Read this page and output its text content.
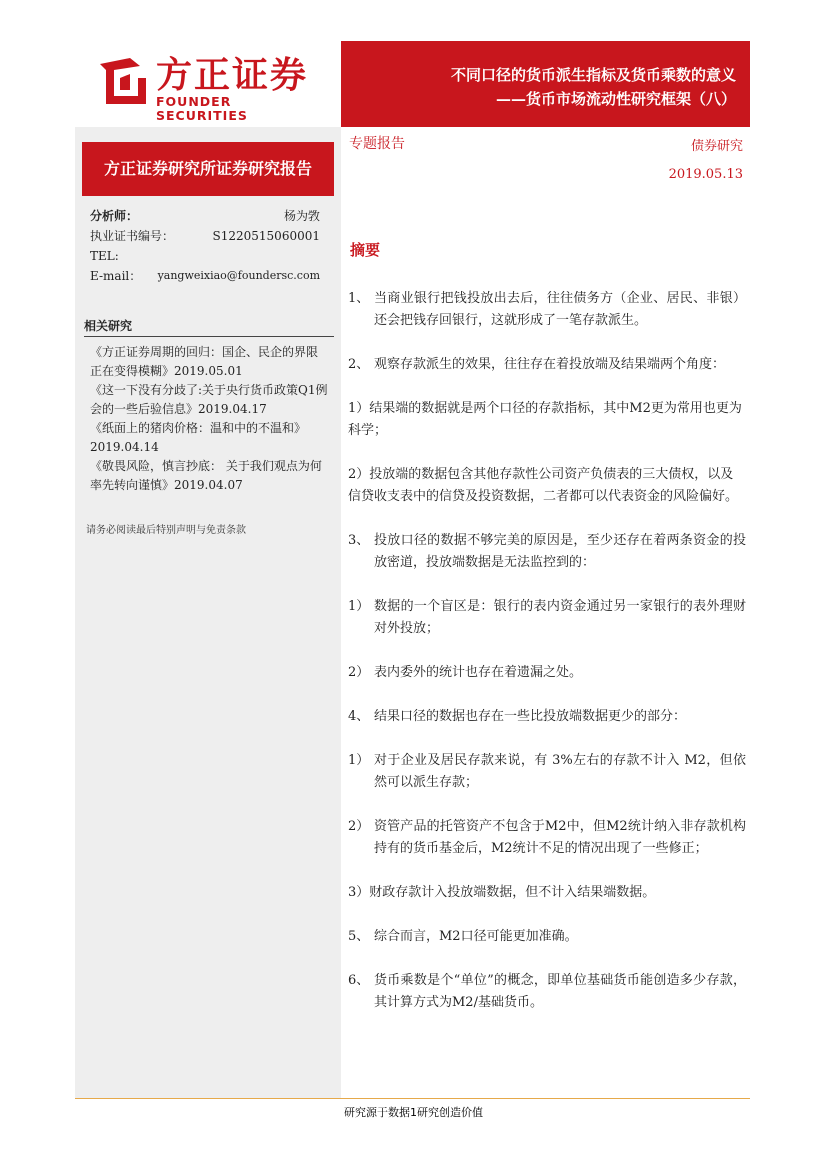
方正证券
FOUNDER SECURITIES
不同口径的货币派生指标及货币乘数的意义
——货币市场流动性研究框架（八）
方正证券研究所证券研究报告
分析师：	杨为敩
执业证书编号：	S1220515060001
TEL:
E-mail： yangweixiao@foundersc.com
相关研究
《方正证券周期的回归：国企、民企的界限正在变得模糊》2019.05.01
《这一下没有分歧了:关于央行货币政策Q1例会的一些后验信息》2019.04.17
《纸面上的猪肉价格：温和中的不温和》2019.04.14
《敬畏风险，慎言抄底： 关于我们观点为何率先转向谨慎》2019.04.07
请务必阅读最后特别声明与免责条款
专题报告	债券研究
2019.05.13
摘要
1、 当商业银行把钱投放出去后，往往债务方（企业、居民、非银）还会把钱存回银行，这就形成了一笔存款派生。
2、 观察存款派生的效果，往往存在着投放端及结果端两个角度：
1）结果端的数据就是两个口径的存款指标，其中M2更为常用也更为科学；
2）投放端的数据包含其他存款性公司资产负债表的三大债权，以及信贷收支表中的信贷及投资数据，二者都可以代表资金的风险偏好。
3、 投放口径的数据不够完美的原因是，至少还存在着两条资金的投放密道，投放端数据是无法监控到的：
1） 数据的一个盲区是：银行的表内资金通过另一家银行的表外理财对外投放；
2） 表内委外的统计也存在着遗漏之处。
4、 结果口径的数据也存在一些比投放端数据更少的部分：
1） 对于企业及居民存款来说，有 3%左右的存款不计入 M2，但依然可以派生存款；
2） 资管产品的托管资产不包含于M2中，但M2统计纳入非存款机构持有的货币基金后，M2统计不足的情况出现了一些修正；
3）财政存款计入投放端数据，但不计入结果端数据。
5、 综合而言，M2口径可能更加准确。
6、 货币乘数是个“单位”的概念，即单位基础货币能创造多少存款，其计算方式为M2/基础货币。
研究源于数据1研究创造价值
